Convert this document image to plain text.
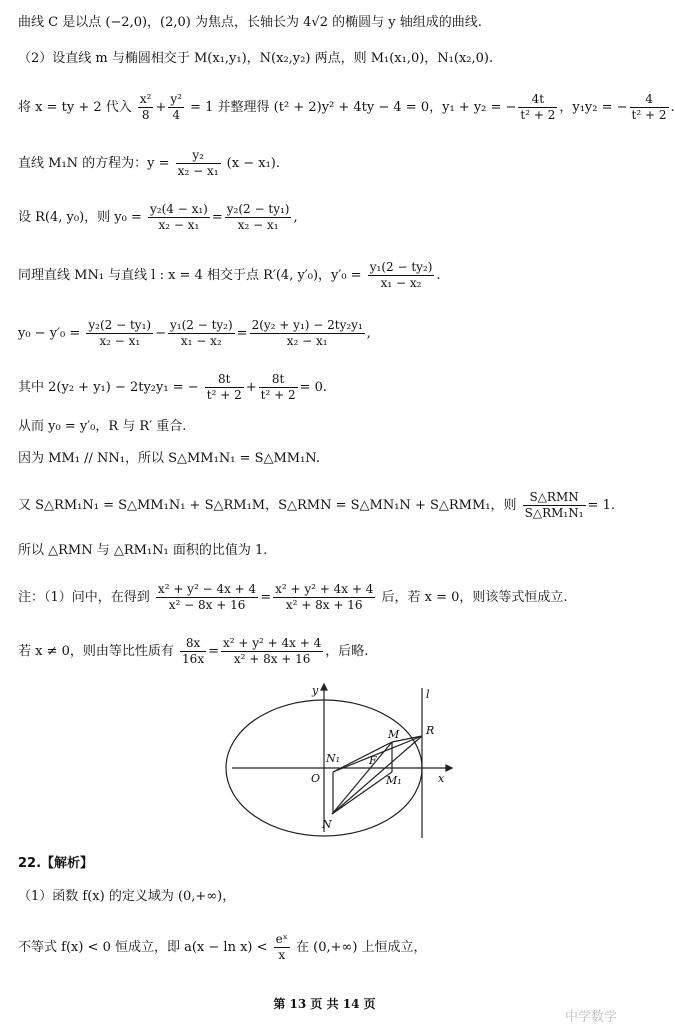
曲线 C 是以点 (−2,0)，(2,0) 为焦点，长轴长为 4√2 的椭圆与 y 轴组成的曲线.
（2）设直线 m 与椭圆相交于 M(x₁,y₁)，N(x₂,y₂) 两点，则 M₁(x₁,0)，N₁(x₂,0).
将 x = ty + 2 代入 $\frac{\text{x²}}{8} + \frac{\text{y²}}{4} = 1$ 并整理得 (t² + 2)y² + 4ty − 4 = 0，y₁ + y₂ = − $\frac{4t}{\text{t² + 2}}$ ，y₁y₂ = − $\frac{4}{\text{t² + 2}}$ .
直线 M₁N 的方程为：$y = \frac{\text{y₂}}{\text{x₂ − x₁}} (x - x_1)$.
设 R(4, y₀)，则 $y_0 = \frac{\text{y₂(4 − x₁)}}{\text{x₂ − x₁}} = \frac{\text{y₂(2 − ty₁)}}{\text{x₂ − x₁}}$ ,
同理直线 MN₁ 与直线 l : x = 4 相交于点 R′(4, y′₀)，$y'_0 = \frac{\text{y₁(2 − ty₂)}}{\text{x₁ − x₂}}$ .
$y_0 - y'_0 = \frac{\text{y₂(2 − ty₁)}}{\text{x₂ − x₁}} - \frac{\text{y₁(2 − ty₂)}}{\text{x₁ − x₂}} = \frac{\text{2(y₂ + y₁) − 2ty₂y₁}}{\text{x₂ − x₁}}$ ,
其中 2(y₂ + y₁) − 2ty₂y₁ = − $\frac{8t}{\text{t² + 2}} + \frac{8t}{\text{t² + 2}} = 0$.
从而 y₀ = y′₀，R 与 R′ 重合.
因为 MM₁ // NN₁，所以 S△MM₁N₁ = S△MM₁N.
又 S△RM₁N₁ = S△MM₁N₁ + S△RM₁M，S△RMN = S△MN₁N + S△RMM₁，则 $\frac{\text{S△RMN}}{\text{S△RM₁N₁}} = 1$.
所以 △RMN 与 △RM₁N₁ 面积的比值为 1.
注：（1）问中，在得到 $\frac{\text{x² + y² − 4x + 4}}{\text{x² − 8x + 16}} = \frac{\text{x² + y² + 4x + 4}}{\text{x² + 8x + 16}}$ 后，若 x = 0，则该等式恒成立.
若 x ≠ 0，则由等比性质有 $\frac{8x}{16x} = \frac{\text{x² + y² + 4x + 4}}{\text{x² + 8x + 16}}$ ，后略.
y	l
x
O
M
N
N₁
M₁
R
F
22.【解析】
（1）函数 f(x) 的定义域为 (0,+∞)，
不等式 f(x) < 0 恒成立，即 $a(x - \ln x) < \frac{\text{eˣ}}{x}$ 在 (0,+∞) 上恒成立，
第 13 页 共 14 页
中学数学
